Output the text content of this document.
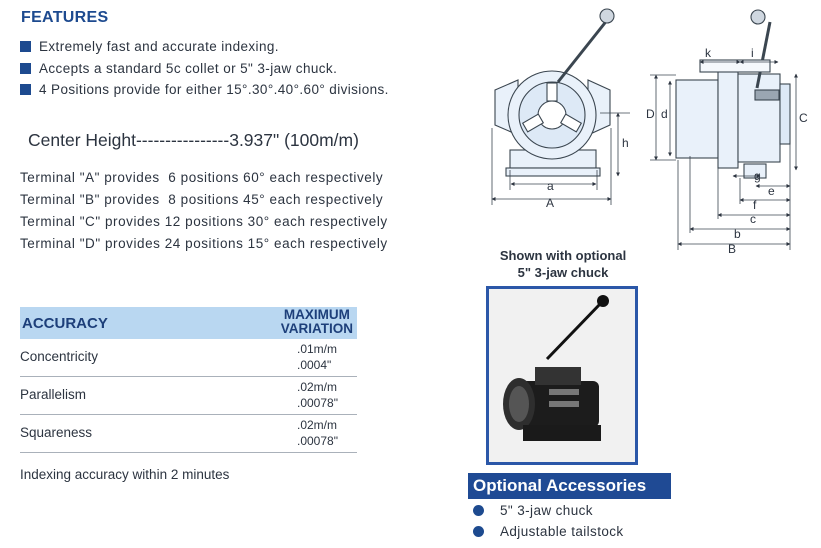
FEATURES
Extremely fast and accurate indexing.
Accepts a standard 5c collet or 5" 3-jaw chuck.
4 Positions provide for either 15°.30°.40°.60° divisions.
Center Height----------------3.937" (100m/m)
Terminal "A" provides  6 positions 60° each respectively
Terminal "B" provides  8 positions 45° each respectively
Terminal "C" provides 12 positions 30° each respectively
Terminal "D" provides 24 positions 15° each respectively
ACCURACY
MAXIMUM
VARIATION
Concentricity	.01m/m
.0004"
Parallelism	.02m/m
.00078"
Squareness	.02m/m
.00078"
Indexing accuracy within 2 minutes
a
A
h
k	i
D d	C
g
e
f
c
b
B
Shown with optional
5" 3-jaw chuck
Optional Accessories
5" 3-jaw chuck
Adjustable tailstock
